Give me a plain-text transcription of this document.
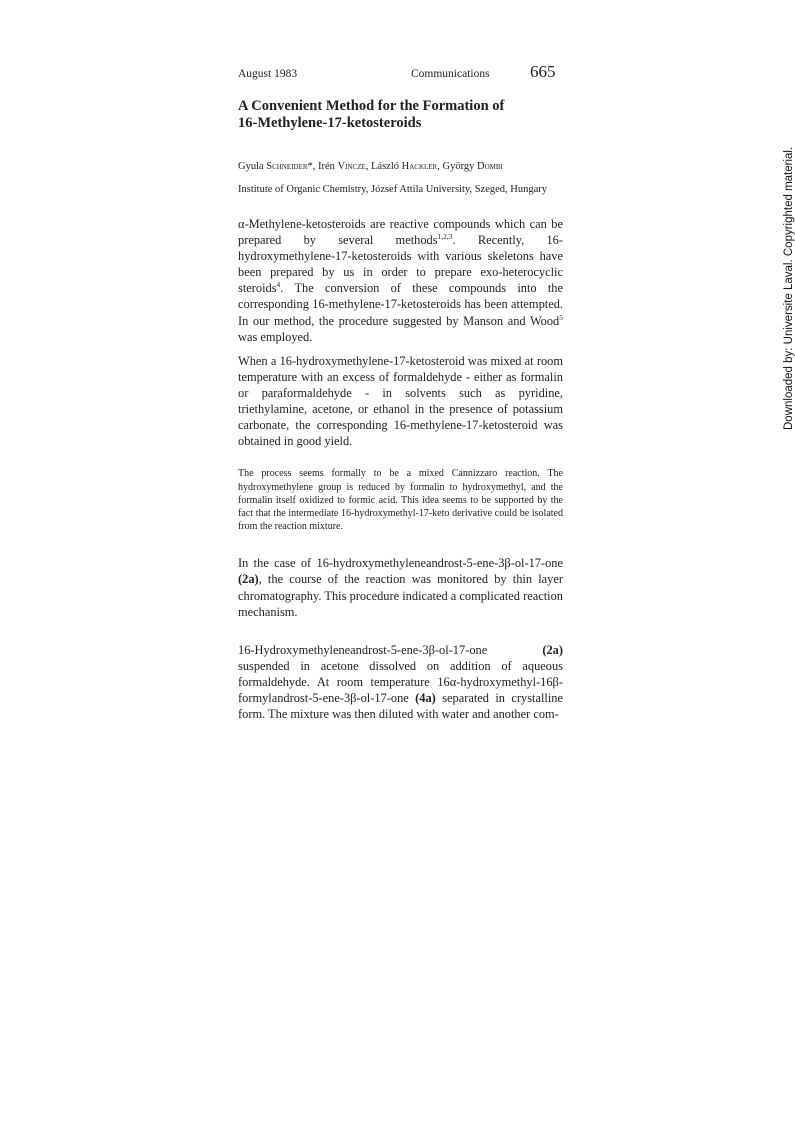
August 1983	Communications 665
A Convenient Method for the Formation of
16-Methylene-17-ketosteroids
Gyula Schneider*, Irén Vincze, László Hackler, György Dombi
Institute of Organic Chemistry, József Attila University, Szeged, Hungary

α-Methylene-ketosteroids are reactive compounds which can be prepared by several methods$^{1,2,3}$. Recently, 16-hydroxymethylene-17-ketosteroids with various skeletons have been prepared by us in order to prepare exo-heterocyclic steroids$^4$. The conversion of these compounds into the corresponding 16-methylene-17-ketosteroids has been attempted. In our method, the procedure suggested by Manson and Wood$^5$ was employed.

When a 16-hydroxymethylene-17-ketosteroid was mixed at room temperature with an excess of formaldehyde - either as formalin or paraformaldehyde - in solvents such as pyridine, triethylamine, acetone, or ethanol in the presence of potassium carbonate, the corresponding 16-methylene-17-ketosteroid was obtained in good yield.

The process seems formally to be a mixed Cannizzaro reaction. The hydroxymethylene group is reduced by formalin to hydroxymethyl, and the formalin itself oxidized to formic acid. This idea seems to be supported by the fact that the intermediate 16-hydroxymethyl-17-keto derivative could be isolated from the reaction mixture.

In the case of 16-hydroxymethyleneandrost-5-ene-3β-ol-17-one (2a), the course of the reaction was monitored by thin layer chromatography. This procedure indicated a complicated reaction mechanism.

16-Hydroxymethyleneandrost-5-ene-3β-ol-17-one (2a) suspended in acetone dissolved on addition of aqueous formaldehyde. At room temperature 16α-hydroxymethyl-16β-formylandrost-5-ene-3β-ol-17-one (4a) separated in crystalline form. The mixture was then diluted with water and another com-

Downloaded by: Universite Laval. Copyrighted material.
